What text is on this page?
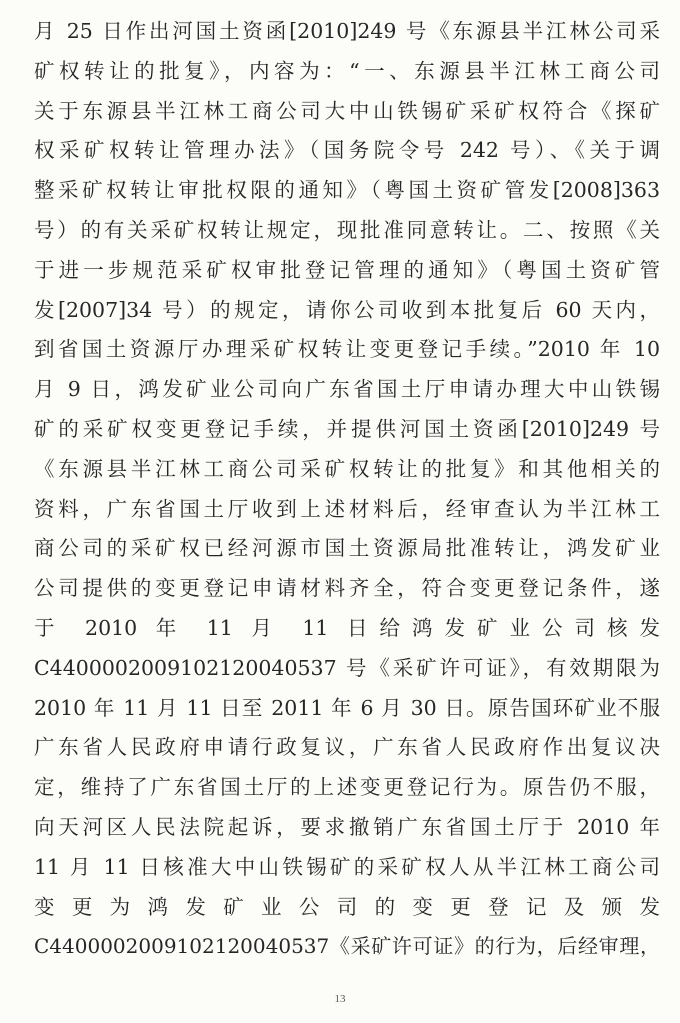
月 25 日作出河国土资函[2010]249 号《东源县半江林公司采
矿权转让的批复》，内容为：“一、东源县半江林工商公司
关于东源县半江林工商公司大中山铁锡矿采矿权符合《探矿
权采矿权转让管理办法》（国务院令号 242 号）、《关于调
整采矿权转让审批权限的通知》（粤国土资矿管发[2008]363
号）的有关采矿权转让规定，现批准同意转让。二、按照《关
于进一步规范采矿权审批登记管理的通知》（粤国土资矿管
发[2007]34 号）的规定，请你公司收到本批复后 60 天内，
到省国土资源厅办理采矿权转让变更登记手续。”2010 年 10
月 9 日，鸿发矿业公司向广东省国土厅申请办理大中山铁锡
矿的采矿权变更登记手续，并提供河国土资函[2010]249 号
《东源县半江林工商公司采矿权转让的批复》和其他相关的
资料，广东省国土厅收到上述材料后，经审查认为半江林工
商公司的采矿权已经河源市国土资源局批准转让，鸿发矿业
公司提供的变更登记申请材料齐全，符合变更登记条件，遂
于 2010 年 11 月 11 日给鸿发矿业公司核发
C4400002009102120040537 号《采矿许可证》，有效期限为
2010 年 11 月 11 日至 2011 年 6 月 30 日。原告国环矿业不服
广东省人民政府申请行政复议，广东省人民政府作出复议决
定，维持了广东省国土厅的上述变更登记行为。原告仍不服，
向天河区人民法院起诉，要求撤销广东省国土厅于 2010 年
11 月 11 日核准大中山铁锡矿的采矿权人从半江林工商公司
变更为鸿发矿业公司的变更登记及颁发
C4400002009102120040537《采矿许可证》的行为，后经审理，
13
